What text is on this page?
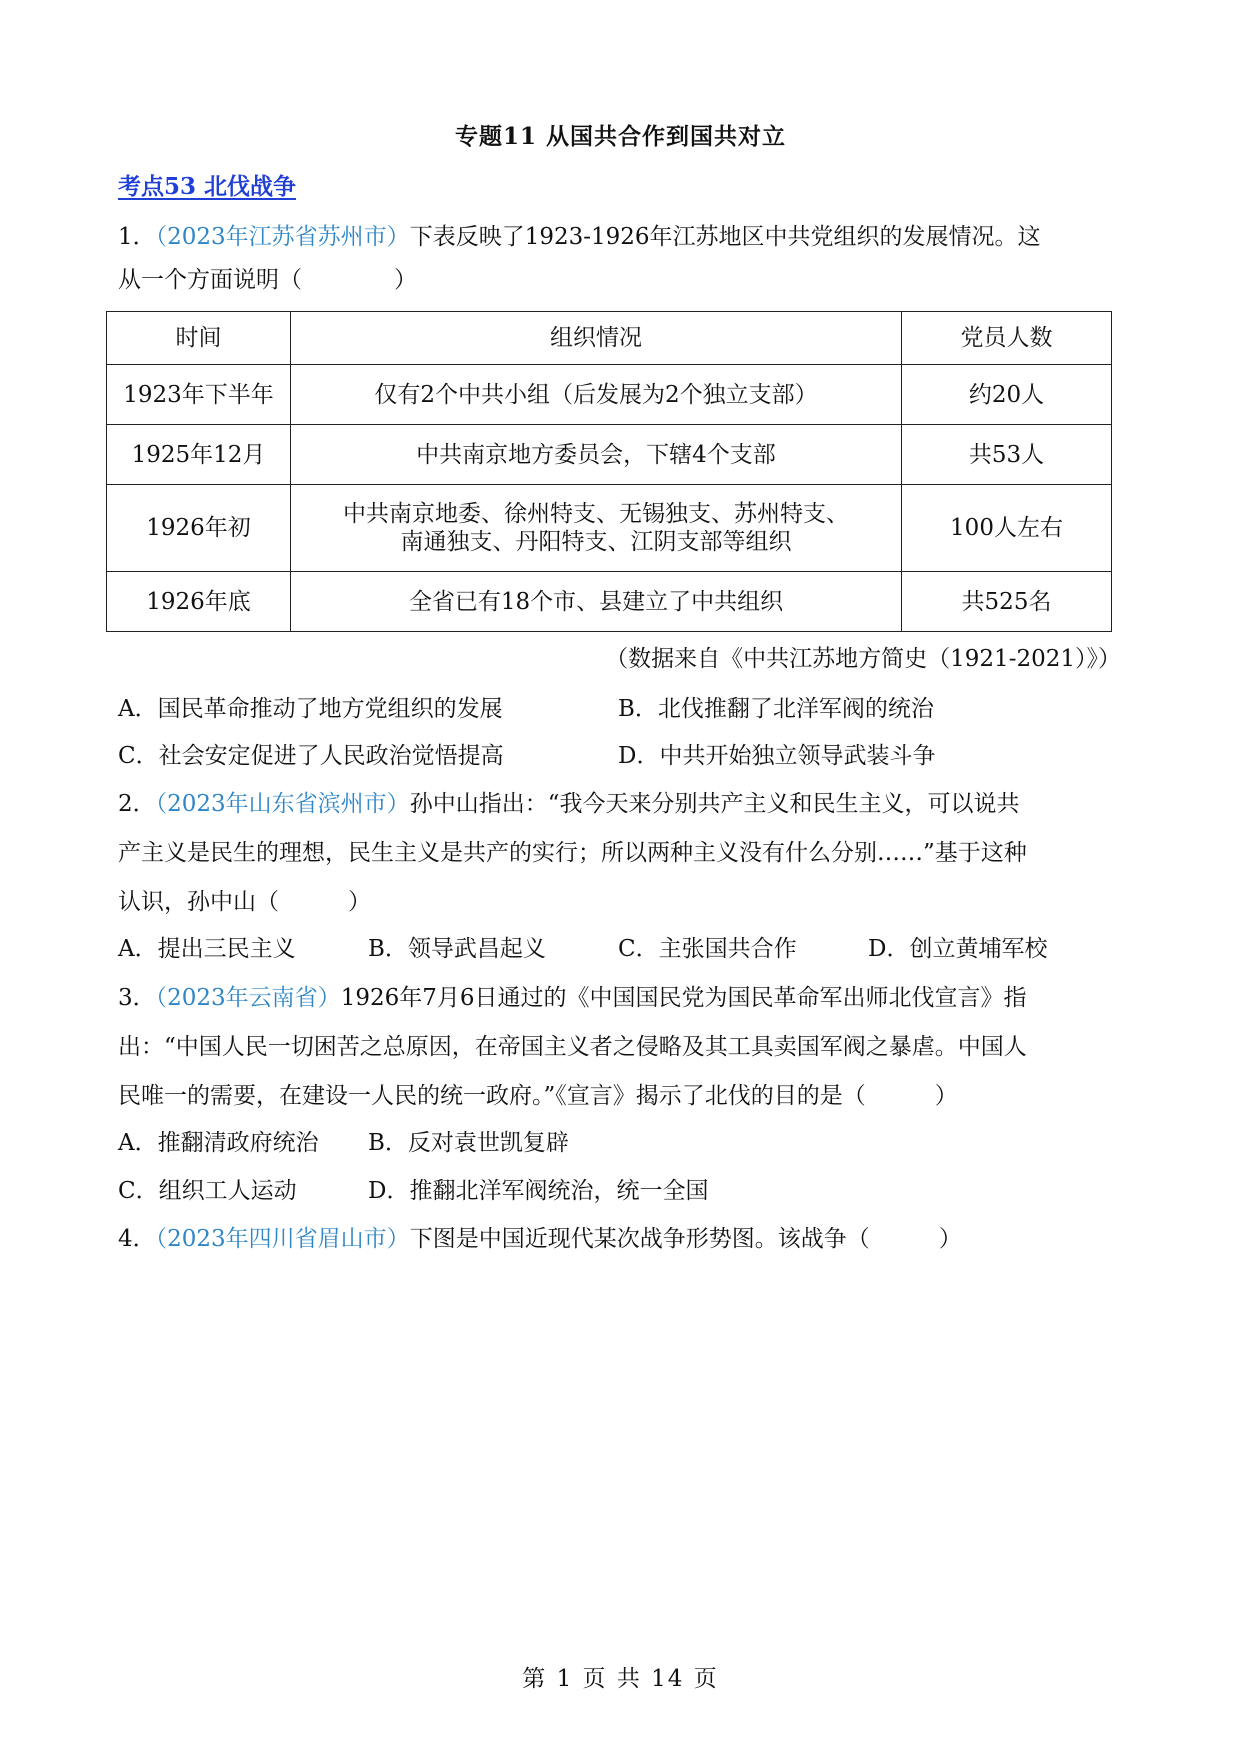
专题11 从国共合作到国共对立
考点53 北伐战争
1．（2023年江苏省苏州市）下表反映了1923-1926年江苏地区中共党组织的发展情况。这
从一个方面说明（　　　　）
时间	组织情况	党员人数
1923年下半年	仅有2个中共小组（后发展为2个独立支部）	约20人
1925年12月	中共南京地方委员会，下辖4个支部	共53人
1926年初	中共南京地委、徐州特支、无锡独支、苏州特支、
南通独支、丹阳特支、江阴支部等组织	100人左右
1926年底	全省已有18个市、县建立了中共组织	共525名
（数据来自《中共江苏地方简史（1921-2021）》）
A．国民革命推动了地方党组织的发展	B．北伐推翻了北洋军阀的统治
C．社会安定促进了人民政治觉悟提高	D．中共开始独立领导武装斗争
2．（2023年山东省滨州市）孙中山指出：“我今天来分别共产主义和民生主义，可以说共
产主义是民生的理想，民生主义是共产的实行；所以两种主义没有什么分别……”基于这种
认识，孙中山（　　　）
A．提出三民主义	B．领导武昌起义	C．主张国共合作	D．创立黄埔军校
3．（2023年云南省）1926年7月6日通过的《中国国民党为国民革命军出师北伐宣言》指
出：“中国人民一切困苦之总原因，在帝国主义者之侵略及其工具卖国军阀之暴虐。中国人
民唯一的需要，在建设一人民的统一政府。”《宣言》揭示了北伐的目的是（　　　）
A．推翻清政府统治 B．反对袁世凯复辟
C．组织工人运动	D．推翻北洋军阀统治，统一全国
4．（2023年四川省眉山市）下图是中国近现代某次战争形势图。该战争（　　　）
第 1 页 共 14 页
